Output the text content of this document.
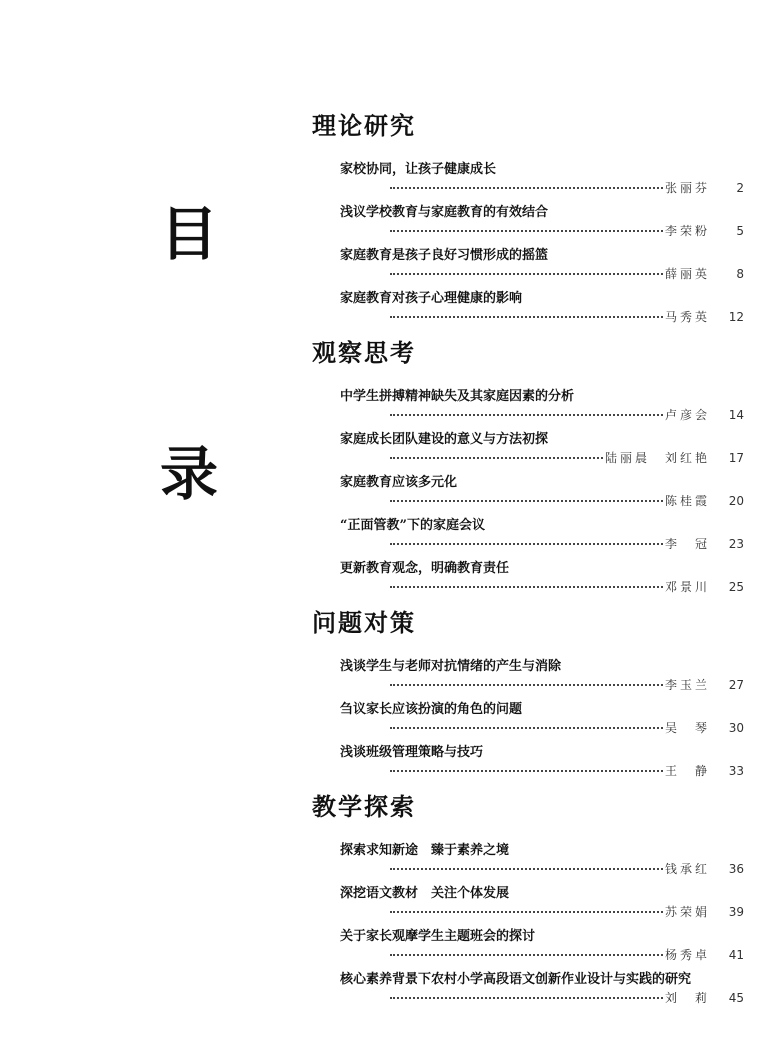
目
录
理论研究
家校协同，让孩子健康成长
张丽芬	2
浅议学校教育与家庭教育的有效结合
李荣粉	5
家庭教育是孩子良好习惯形成的摇篮
薛丽英	8
家庭教育对孩子心理健康的影响
马秀英	12
观察思考
中学生拼搏精神缺失及其家庭因素的分析
卢彦会	14
家庭成长团队建设的意义与方法初探
陆丽晨　刘红艳	17
家庭教育应该多元化
陈桂霞	20
“正面管教”下的家庭会议
李　冠	23
更新教育观念，明确教育责任
邓景川	25
问题对策
浅谈学生与老师对抗情绪的产生与消除
李玉兰	27
刍议家长应该扮演的角色的问题
吴　琴	30
浅谈班级管理策略与技巧
王　静	33
教学探索
探索求知新途　臻于素养之境
钱承红	36
深挖语文教材　关注个体发展
苏荣娟	39
关于家长观摩学生主题班会的探讨
杨秀卓	41
核心素养背景下农村小学高段语文创新作业设计与实践的研究
刘　莉	45
